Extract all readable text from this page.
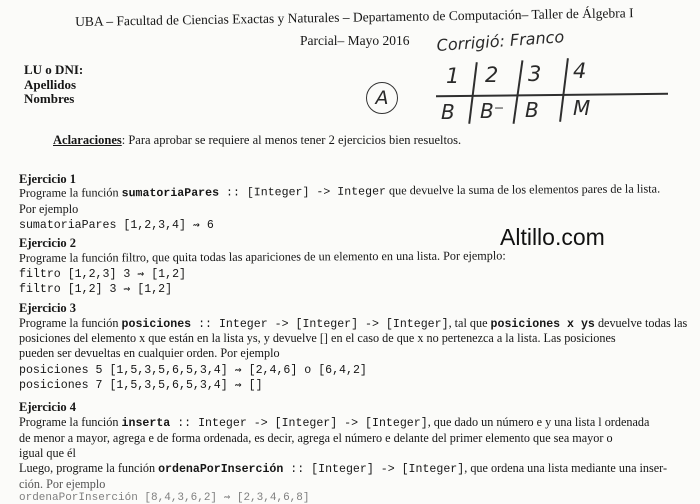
UBA – Facultad de Ciencias Exactas y Naturales – Departamento de Computación– Taller de Álgebra I
Parcial– Mayo 2016
LU o DNI:
Apellidos
Nombres
Corrigió: Franco
A
1 2 3 4
B B⁻ B M
Aclaraciones: Para aprobar se requiere al menos tener 2 ejercicios bien resueltos.
Altillo.com
Ejercicio 1
Programe la función sumatoriaPares :: [Integer] -> Integer que devuelve la suma de los elementos pares de la lista.
Por ejemplo
sumatoriaPares [1,2,3,4] ⇝ 6
Ejercicio 2
Programe la función filtro, que quita todas las apariciones de un elemento en una lista. Por ejemplo:
filtro [1,2,3] 3 ⇝ [1,2]
filtro [1,2] 3 ⇝ [1,2]
Ejercicio 3
Programe la función posiciones :: Integer -> [Integer] -> [Integer], tal que posiciones x ys devuelve todas las
posiciones del elemento x que están en la lista ys, y devuelve [] en el caso de que x no pertenezca a la lista. Las posiciones
pueden ser devueltas en cualquier orden. Por ejemplo
posiciones 5 [1,5,3,5,6,5,3,4] ⇝ [2,4,6] o [6,4,2]
posiciones 7 [1,5,3,5,6,5,3,4] ⇝ []
Ejercicio 4
Programe la función inserta :: Integer -> [Integer] -> [Integer], que dado un número e y una lista l ordenada
de menor a mayor, agrega e de forma ordenada, es decir, agrega el número e delante del primer elemento que sea mayor o
igual que él
Luego, programe la función ordenaPorInserción :: [Integer] -> [Integer], que ordena una lista mediante una inser-
ción. Por ejemplo
ordenaPorInserción [8,4,3,6,2] ⇝ [2,3,4,6,8]
